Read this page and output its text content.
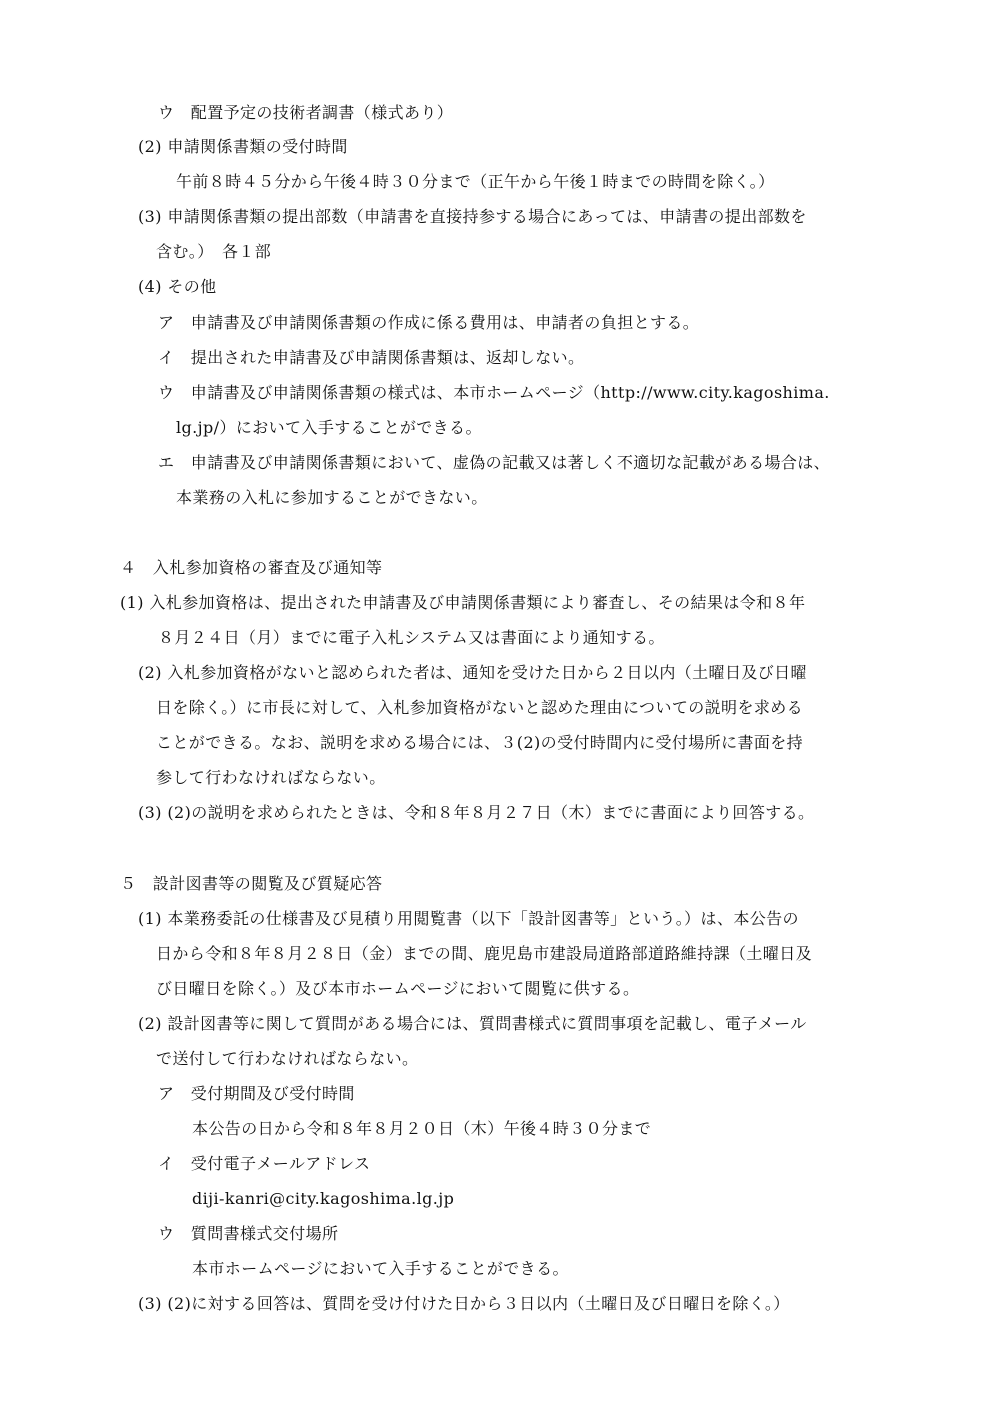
ウ　配置予定の技術者調書（様式あり）
(2) 申請関係書類の受付時間
午前８時４５分から午後４時３０分まで（正午から午後１時までの時間を除く。）
(3) 申請関係書類の提出部数（申請書を直接持参する場合にあっては、申請書の提出部数を
含む。）　各１部
(4) その他
ア　申請書及び申請関係書類の作成に係る費用は、申請者の負担とする。
イ　提出された申請書及び申請関係書類は、返却しない。
ウ　申請書及び申請関係書類の様式は、本市ホームページ（http://www.city.kagoshima.
lg.jp/）において入手することができる。
エ　申請書及び申請関係書類において、虚偽の記載又は著しく不適切な記載がある場合は、
本業務の入札に参加することができない。
４　入札参加資格の審査及び通知等
(1) 入札参加資格は、提出された申請書及び申請関係書類により審査し、その結果は令和８年
８月２４日（月）までに電子入札システム又は書面により通知する。
(2) 入札参加資格がないと認められた者は、通知を受けた日から２日以内（土曜日及び日曜
日を除く。）に市長に対して、入札参加資格がないと認めた理由についての説明を求める
ことができる。なお、説明を求める場合には、３(2)の受付時間内に受付場所に書面を持
参して行わなければならない。
(3) (2)の説明を求められたときは、令和８年８月２７日（木）までに書面により回答する。
５　設計図書等の閲覧及び質疑応答
(1) 本業務委託の仕様書及び見積り用閲覧書（以下「設計図書等」という。）は、本公告の
日から令和８年８月２８日（金）までの間、鹿児島市建設局道路部道路維持課（土曜日及
び日曜日を除く。）及び本市ホームページにおいて閲覧に供する。
(2) 設計図書等に関して質問がある場合には、質問書様式に質問事項を記載し、電子メール
で送付して行わなければならない。
ア　受付期間及び受付時間
本公告の日から令和８年８月２０日（木）午後４時３０分まで
イ　受付電子メールアドレス
diji-kanri@city.kagoshima.lg.jp
ウ　質問書様式交付場所
本市ホームページにおいて入手することができる。
(3) (2)に対する回答は、質問を受け付けた日から３日以内（土曜日及び日曜日を除く。）
